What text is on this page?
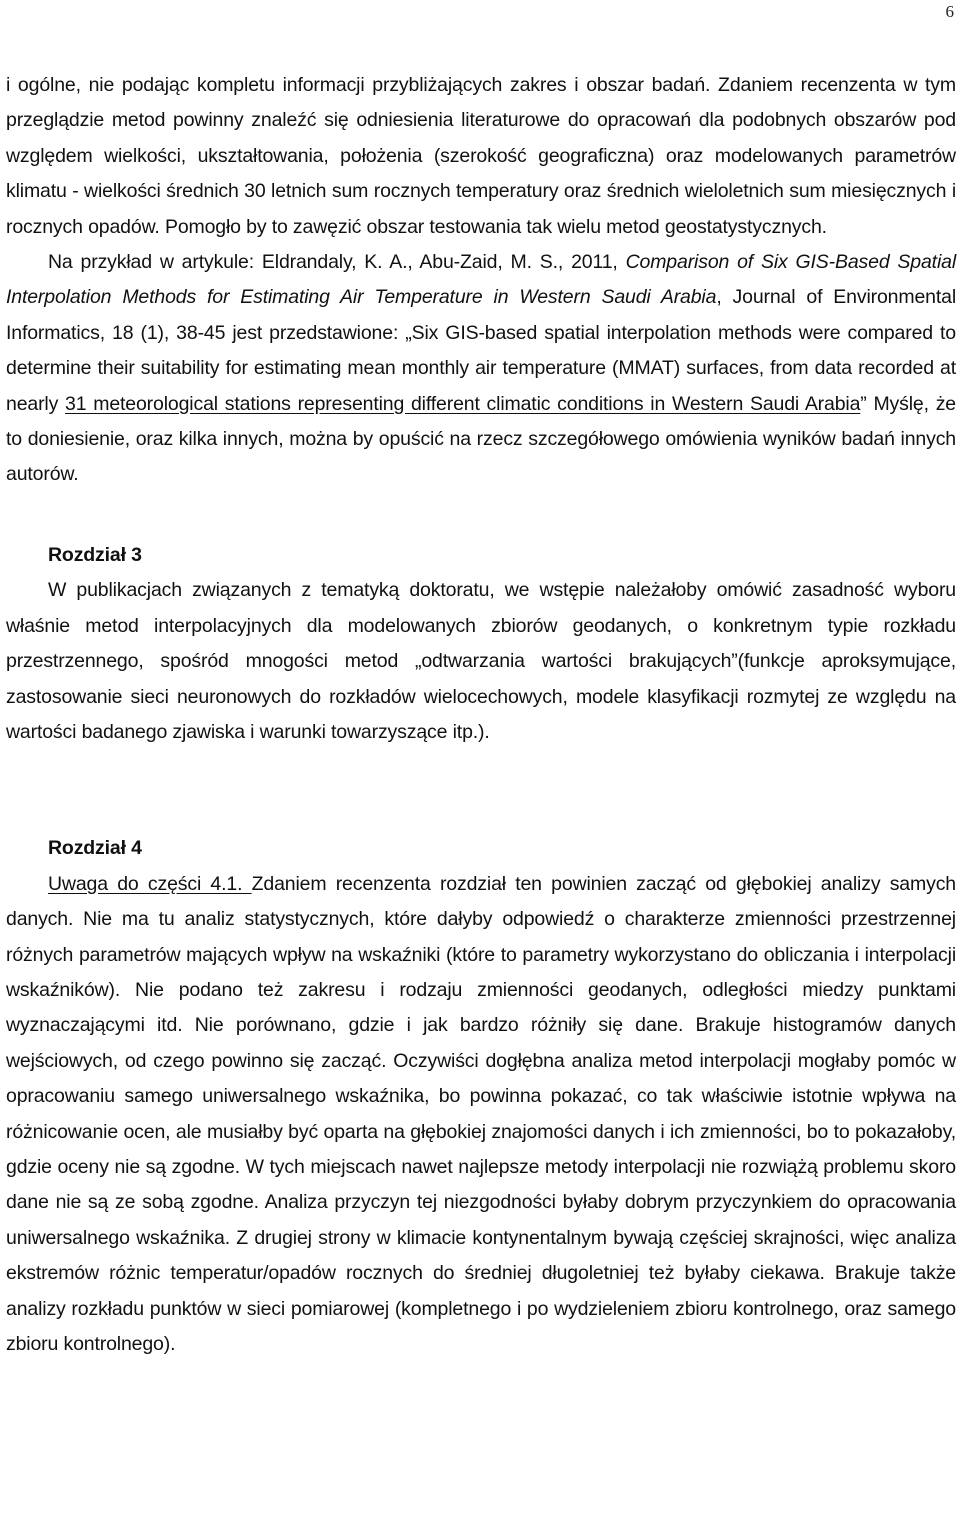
6

i ogólne, nie podając kompletu informacji przybliżających zakres i obszar badań. Zdaniem recenzenta w tym przeglądzie metod powinny znaleźć się odniesienia literaturowe do opracowań dla podobnych obszarów pod względem wielkości, ukształtowania, położenia (szerokość geograficzna) oraz modelowanych parametrów klimatu - wielkości średnich 30 letnich sum rocznych temperatury oraz średnich wieloletnich sum miesięcznych i rocznych opadów. Pomogło by to zawęzić obszar testowania tak wielu metod geostatystycznych.

Na przykład w artykule: Eldrandaly, K. A., Abu-Zaid, M. S., 2011, Comparison of Six GIS-Based Spatial Interpolation Methods for Estimating Air Temperature in Western Saudi Arabia, Journal of Environmental Informatics, 18 (1), 38-45 jest przedstawione: „Six GIS-based spatial interpolation methods were compared to determine their suitability for estimating mean monthly air temperature (MMAT) surfaces, from data recorded at nearly 31 meteorological stations representing different climatic conditions in Western Saudi Arabia” Myślę, że to doniesienie, oraz kilka innych, można by opuścić na rzecz szczegółowego omówienia wyników badań innych autorów.

Rozdział 3

W publikacjach związanych z tematyką doktoratu, we wstępie należałoby omówić zasadność wyboru właśnie metod interpolacyjnych dla modelowanych zbiorów geodanych, o konkretnym typie rozkładu przestrzennego, spośród mnogości metod „odtwarzania wartości brakujących”(funkcje aproksymujące, zastosowanie sieci neuronowych do rozkładów wielocechowych, modele klasyfikacji rozmytej ze względu na wartości badanego zjawiska i warunki towarzyszące itp.).

Rozdział 4

Uwaga do części 4.1. Zdaniem recenzenta rozdział ten powinien zacząć od głębokiej analizy samych danych. Nie ma tu analiz statystycznych, które dałyby odpowiedź o charakterze zmienności przestrzennej różnych parametrów mających wpływ na wskaźniki (które to parametry wykorzystano do obliczania i interpolacji wskaźników). Nie podano też zakresu i rodzaju zmienności geodanych, odległości miedzy punktami wyznaczającymi itd. Nie porównano, gdzie i jak bardzo różniły się dane. Brakuje histogramów danych wejściowych, od czego powinno się zacząć. Oczywiści dogłębna analiza metod interpolacji mogłaby pomóc w opracowaniu samego uniwersalnego wskaźnika, bo powinna pokazać, co tak właściwie istotnie wpływa na różnicowanie ocen, ale musiałby być oparta na głębokiej znajomości danych i ich zmienności, bo to pokazałoby, gdzie oceny nie są zgodne. W tych miejscach nawet najlepsze metody interpolacji nie rozwiążą problemu skoro dane nie są ze sobą zgodne. Analiza przyczyn tej niezgodności byłaby dobrym przyczynkiem do opracowania uniwersalnego wskaźnika. Z drugiej strony w klimacie kontynentalnym bywają częściej skrajności, więc analiza ekstremów różnic temperatur/opadów rocznych do średniej długoletniej też byłaby ciekawa. Brakuje także analizy rozkładu punktów w sieci pomiarowej (kompletnego i po wydzieleniem zbioru kontrolnego, oraz samego zbioru kontrolnego).
